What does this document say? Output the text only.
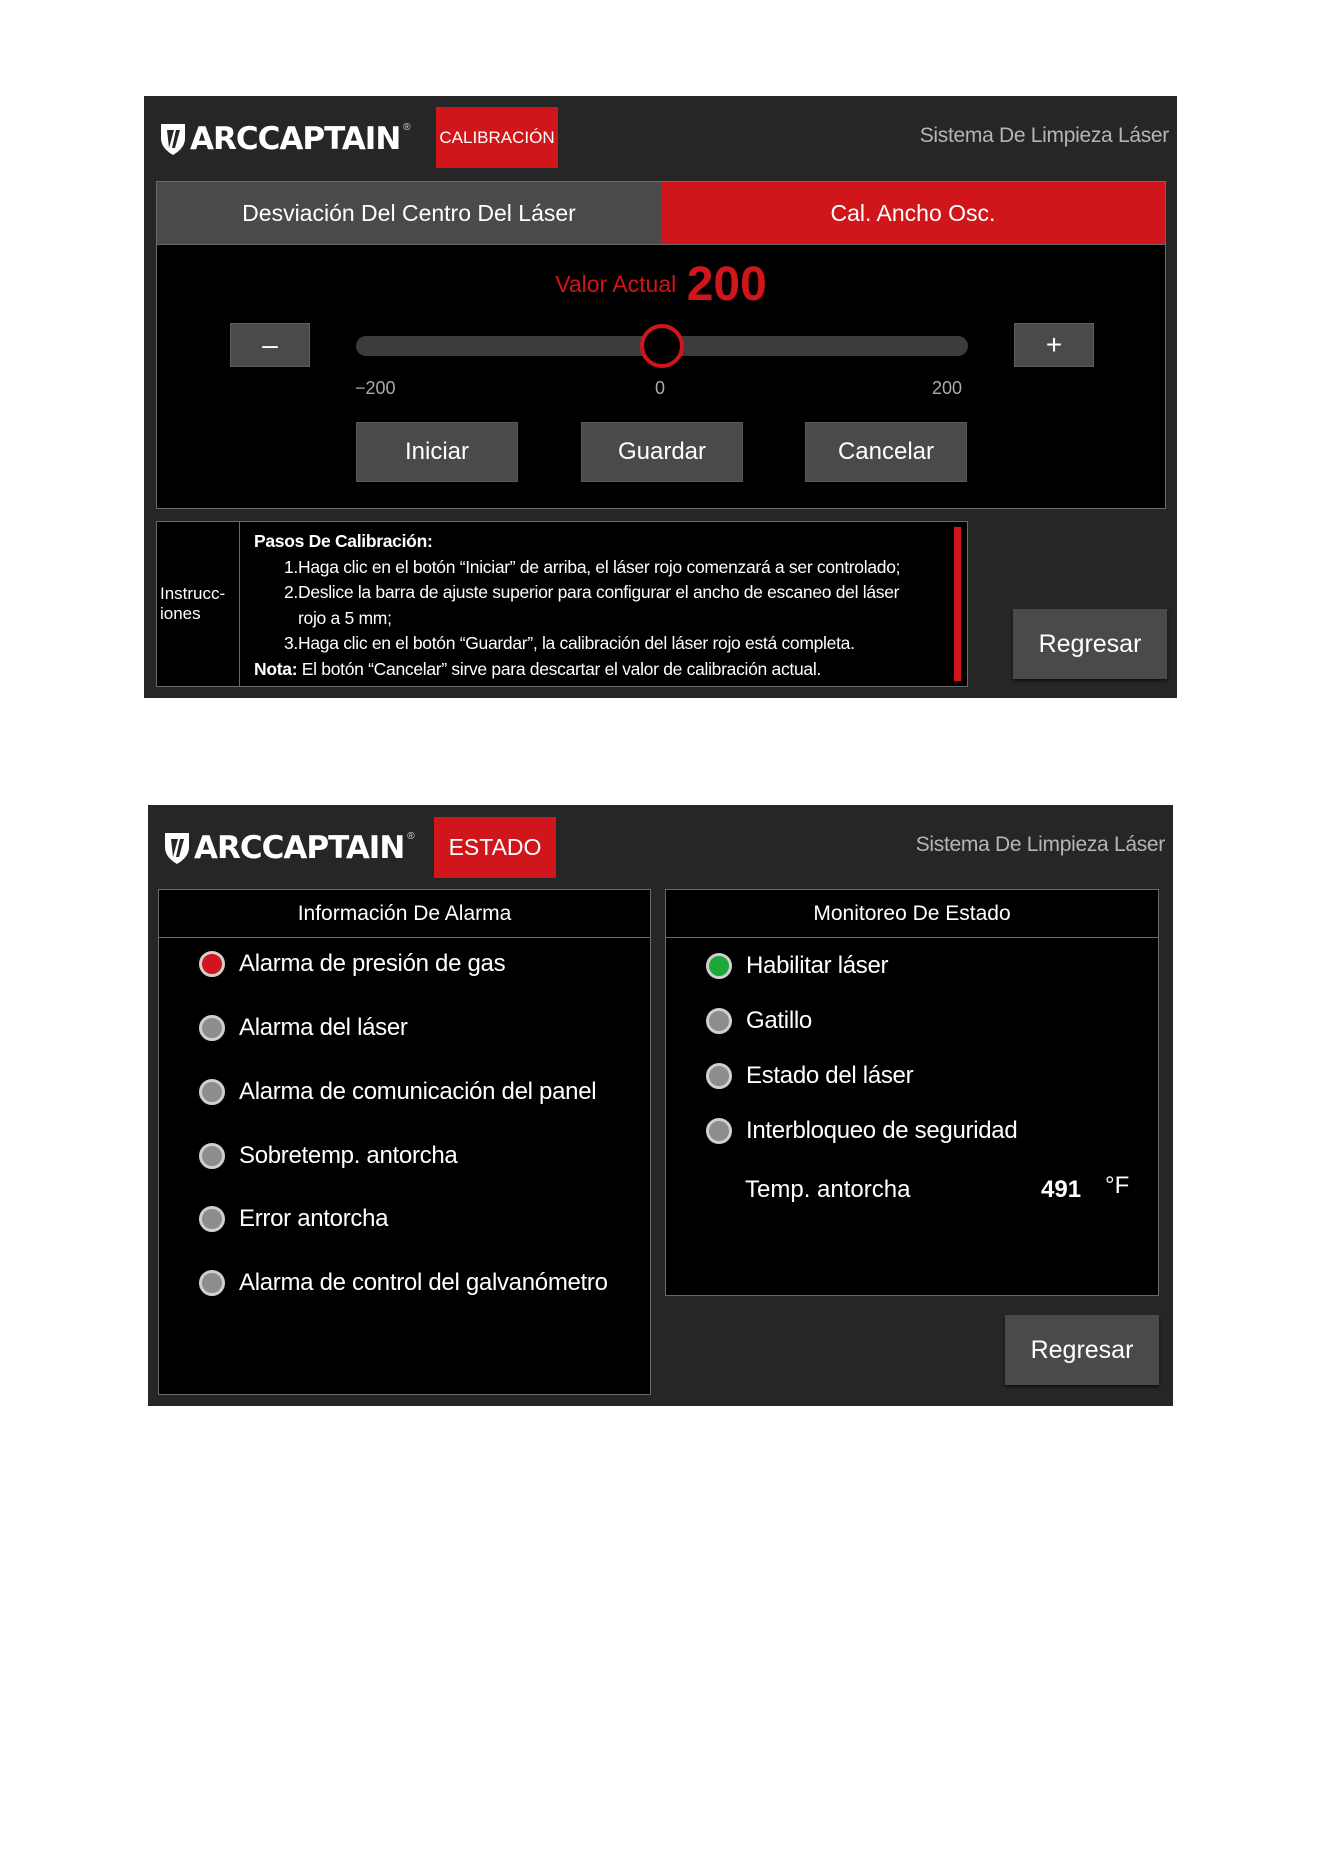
ARCCAPTAIN ® CALIBRACIÓN	Sistema De Limpieza Láser
Desviación Del Centro Del Láser	Cal. Ancho Osc.
Valor Actual 200
–	+
−200	0	200
Iniciar	Guardar	Cancelar
Instrucc-
iones
Pasos De Calibración:
1.Haga clic en el botón “Iniciar” de arriba, el láser rojo comenzará a ser controlado;
2.Deslice la barra de ajuste superior para configurar el ancho de escaneo del láser
rojo a 5 mm;
3.Haga clic en el botón “Guardar”, la calibración del láser rojo está completa.
Nota: El botón “Cancelar” sirve para descartar el valor de calibración actual.
Regresar
ARCCAPTAIN ®	ESTADO	Sistema De Limpieza Láser
Información De Alarma
Alarma de presión de gas
Alarma del láser
Alarma de comunicación del panel
Sobretemp. antorcha
Error antorcha
Alarma de control del galvanómetro
Monitoreo De Estado
Habilitar láser
Gatillo
Estado del láser
Interbloqueo de seguridad
Temp. antorcha	491 °F
Regresar
